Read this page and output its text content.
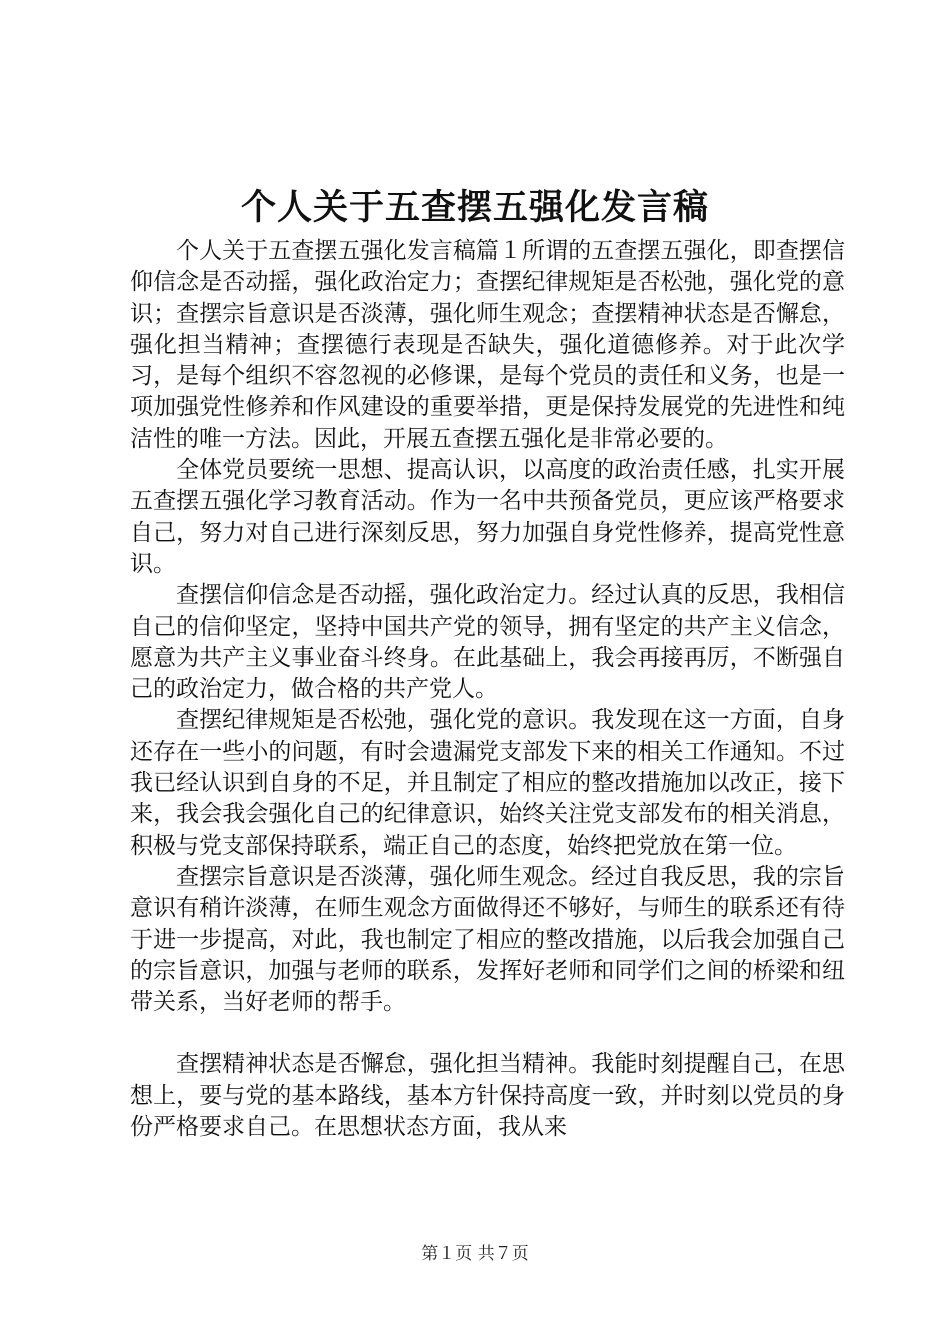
个人关于五查摆五强化发言稿

个人关于五查摆五强化发言稿篇１所谓的五查摆五强化，即查摆信仰信念是否动摇，强化政治定力；查摆纪律规矩是否松弛，强化党的意识；查摆宗旨意识是否淡薄，强化师生观念；查摆精神状态是否懈怠，强化担当精神；查摆德行表现是否缺失，强化道德修养。对于此次学习，是每个组织不容忽视的必修课，是每个党员的责任和义务，也是一项加强党性修养和作风建设的重要举措，更是保持发展党的先进性和纯洁性的唯一方法。因此，开展五查摆五强化是非常必要的。

全体党员要统一思想、提高认识，以高度的政治责任感，扎实开展五查摆五强化学习教育活动。作为一名中共预备党员，更应该严格要求自己，努力对自己进行深刻反思，努力加强自身党性修养，提高党性意识。

查摆信仰信念是否动摇，强化政治定力。经过认真的反思，我相信自己的信仰坚定，坚持中国共产党的领导，拥有坚定的共产主义信念，愿意为共产主义事业奋斗终身。在此基础上，我会再接再厉，不断强自己的政治定力，做合格的共产党人。

查摆纪律规矩是否松弛，强化党的意识。我发现在这一方面，自身还存在一些小的问题，有时会遗漏党支部发下来的相关工作通知。不过我已经认识到自身的不足，并且制定了相应的整改措施加以改正，接下来，我会我会强化自己的纪律意识，始终关注党支部发布的相关消息，积极与党支部保持联系，端正自己的态度，始终把党放在第一位。

查摆宗旨意识是否淡薄，强化师生观念。经过自我反思，我的宗旨意识有稍许淡薄，在师生观念方面做得还不够好，与师生的联系还有待于进一步提高，对此，我也制定了相应的整改措施，以后我会加强自己的宗旨意识，加强与老师的联系，发挥好老师和同学们之间的桥梁和纽带关系，当好老师的帮手。

查摆精神状态是否懈怠，强化担当精神。我能时刻提醒自己，在思想上，要与党的基本路线，基本方针保持高度一致，并时刻以党员的身份严格要求自己。在思想状态方面，我从来

第１页 共７页
